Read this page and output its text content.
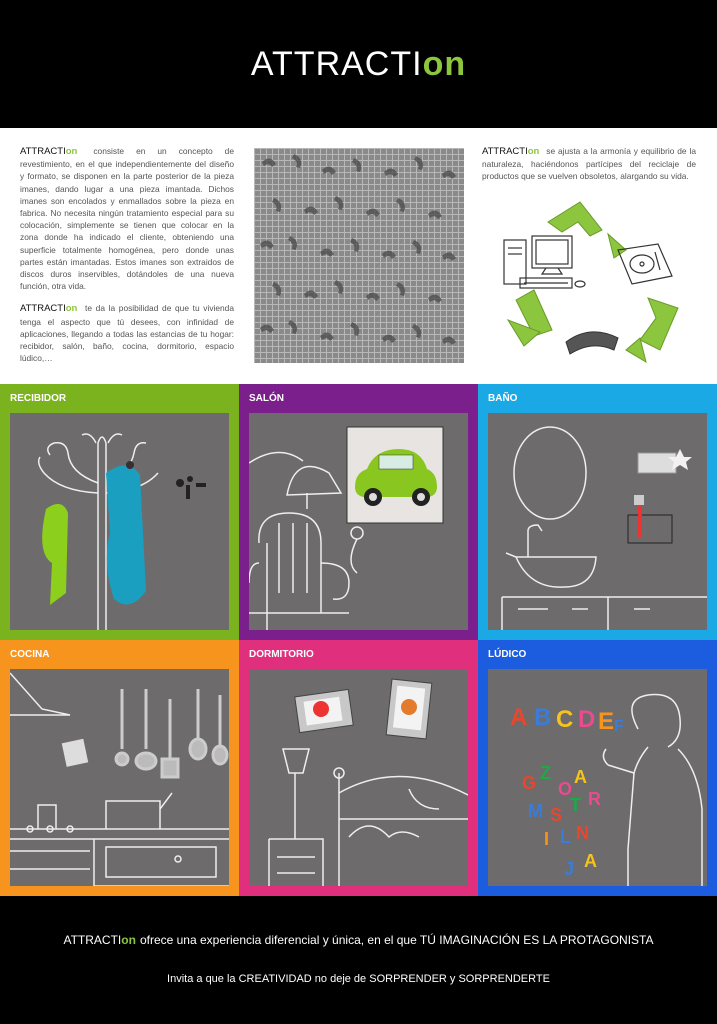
ATTRACTI on

ATTRACTIon consiste en un concepto de revestimiento, en el que independientemente del diseño y formato, se disponen en la parte posterior de la pieza imanes, dando lugar a una pieza imantada. Dichos imanes son encolados y enmallados sobre la pieza en fabrica. No necesita ningún tratamiento especial para su colocación, simplemente se tienen que colocar en la zona donde ha indicado el cliente, obteniendo una superficie totalmente homogénea, pero donde unas partes están imantadas. Estos imanes son extraidos de discos duros inservibles, dotándoles de una nueva función, otra vida.

ATTRACTIon te da la posibilidad de que tu vivienda tenga el aspecto que tú desees, con infinidad de aplicaciones, llegando a todas las estancias de tu hogar: recibidor, salón, baño, cocina, dormitorio, espacio lúdico,…

ATTRACTIon se ajusta a la armonía y equilibrio de la naturaleza, haciéndonos partícipes del reciclaje de productos que se vuelven obsoletos, alargando su vida.

RECIBIDOR	SALÓN	BAÑO
COCINA	DORMITORIO	LÚDICO
A B C D E F
G Z
O
A
M S T R
I L N
A
J
ATTRACTIon ofrece una experiencia diferencial y única, en el que TÚ IMAGINACIÓN ES LA PROTAGONISTA
Invita a que la CREATIVIDAD no deje de SORPRENDER y SORPRENDERTE
